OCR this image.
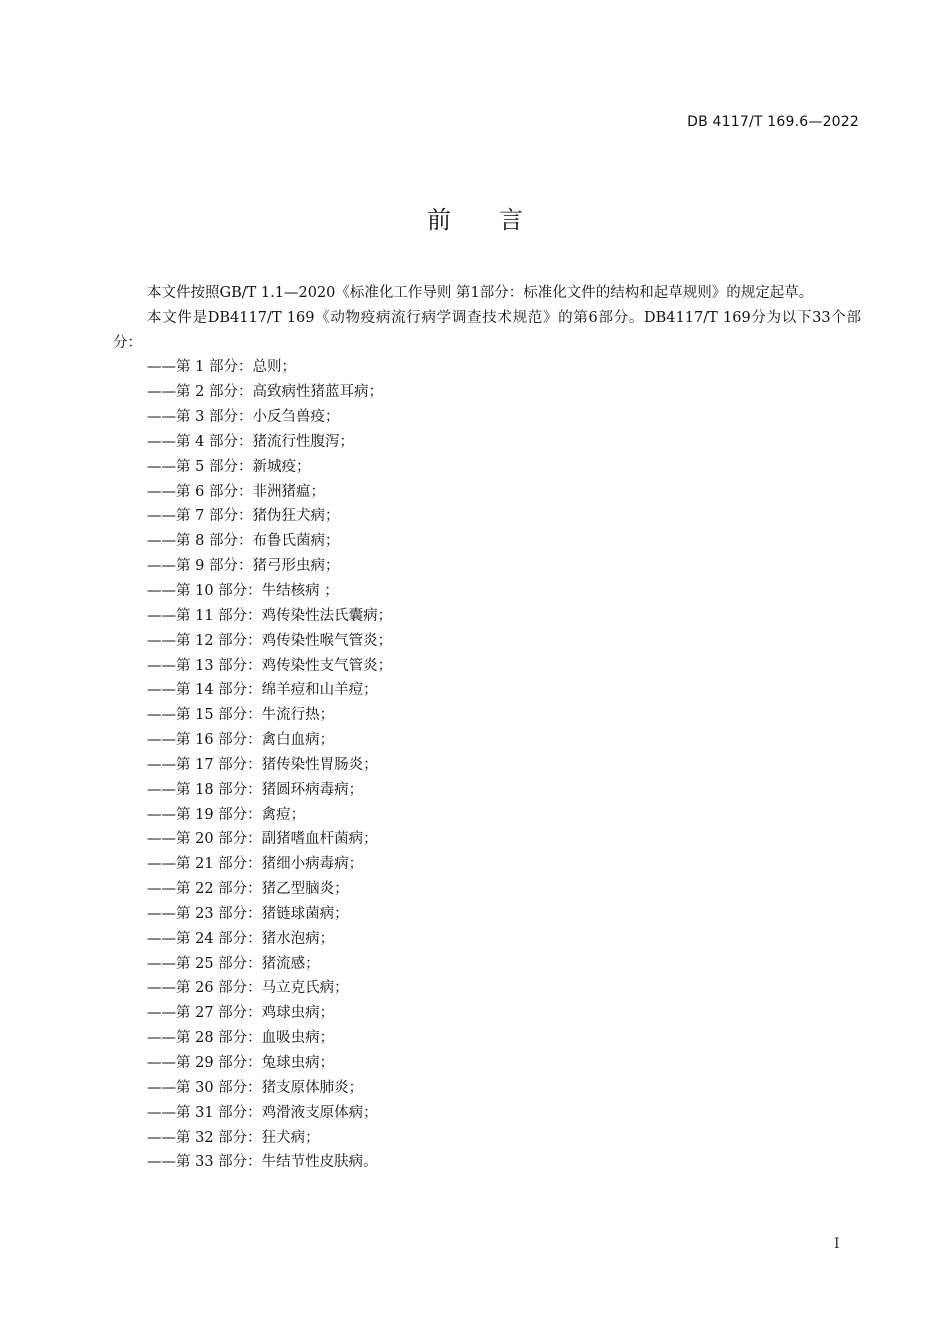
DB 4117/T 169.6—2022
前言

本文件按照GB/T 1.1—2020《标准化工作导则 第1部分：标准化文件的结构和起草规则》的规定起草。

本文件是DB4117/T 169《动物疫病流行病学调查技术规范》的第6部分。DB4117/T 169分为以下33个部分：

——第 1 部分：总则；
——第 2 部分：高致病性猪蓝耳病；
——第 3 部分：小反刍兽疫；
——第 4 部分：猪流行性腹泻；
——第 5 部分：新城疫；
——第 6 部分：非洲猪瘟；
——第 7 部分：猪伪狂犬病；
——第 8 部分：布鲁氏菌病；
——第 9 部分：猪弓形虫病；
——第 10 部分：牛结核病 ；
——第 11 部分：鸡传染性法氏囊病；
——第 12 部分：鸡传染性喉气管炎；
——第 13 部分：鸡传染性支气管炎；
——第 14 部分：绵羊痘和山羊痘；
——第 15 部分：牛流行热；
——第 16 部分：禽白血病；
——第 17 部分：猪传染性胃肠炎；
——第 18 部分：猪圆环病毒病；
——第 19 部分：禽痘；
——第 20 部分：副猪嗜血杆菌病；
——第 21 部分：猪细小病毒病；
——第 22 部分：猪乙型脑炎；
——第 23 部分：猪链球菌病；
——第 24 部分：猪水泡病；
——第 25 部分：猪流感；
——第 26 部分：马立克氏病；
——第 27 部分：鸡球虫病；
——第 28 部分：血吸虫病；
——第 29 部分：兔球虫病；
——第 30 部分：猪支原体肺炎；
——第 31 部分：鸡滑液支原体病；
——第 32 部分：狂犬病；
——第 33 部分：牛结节性皮肤病。
I
